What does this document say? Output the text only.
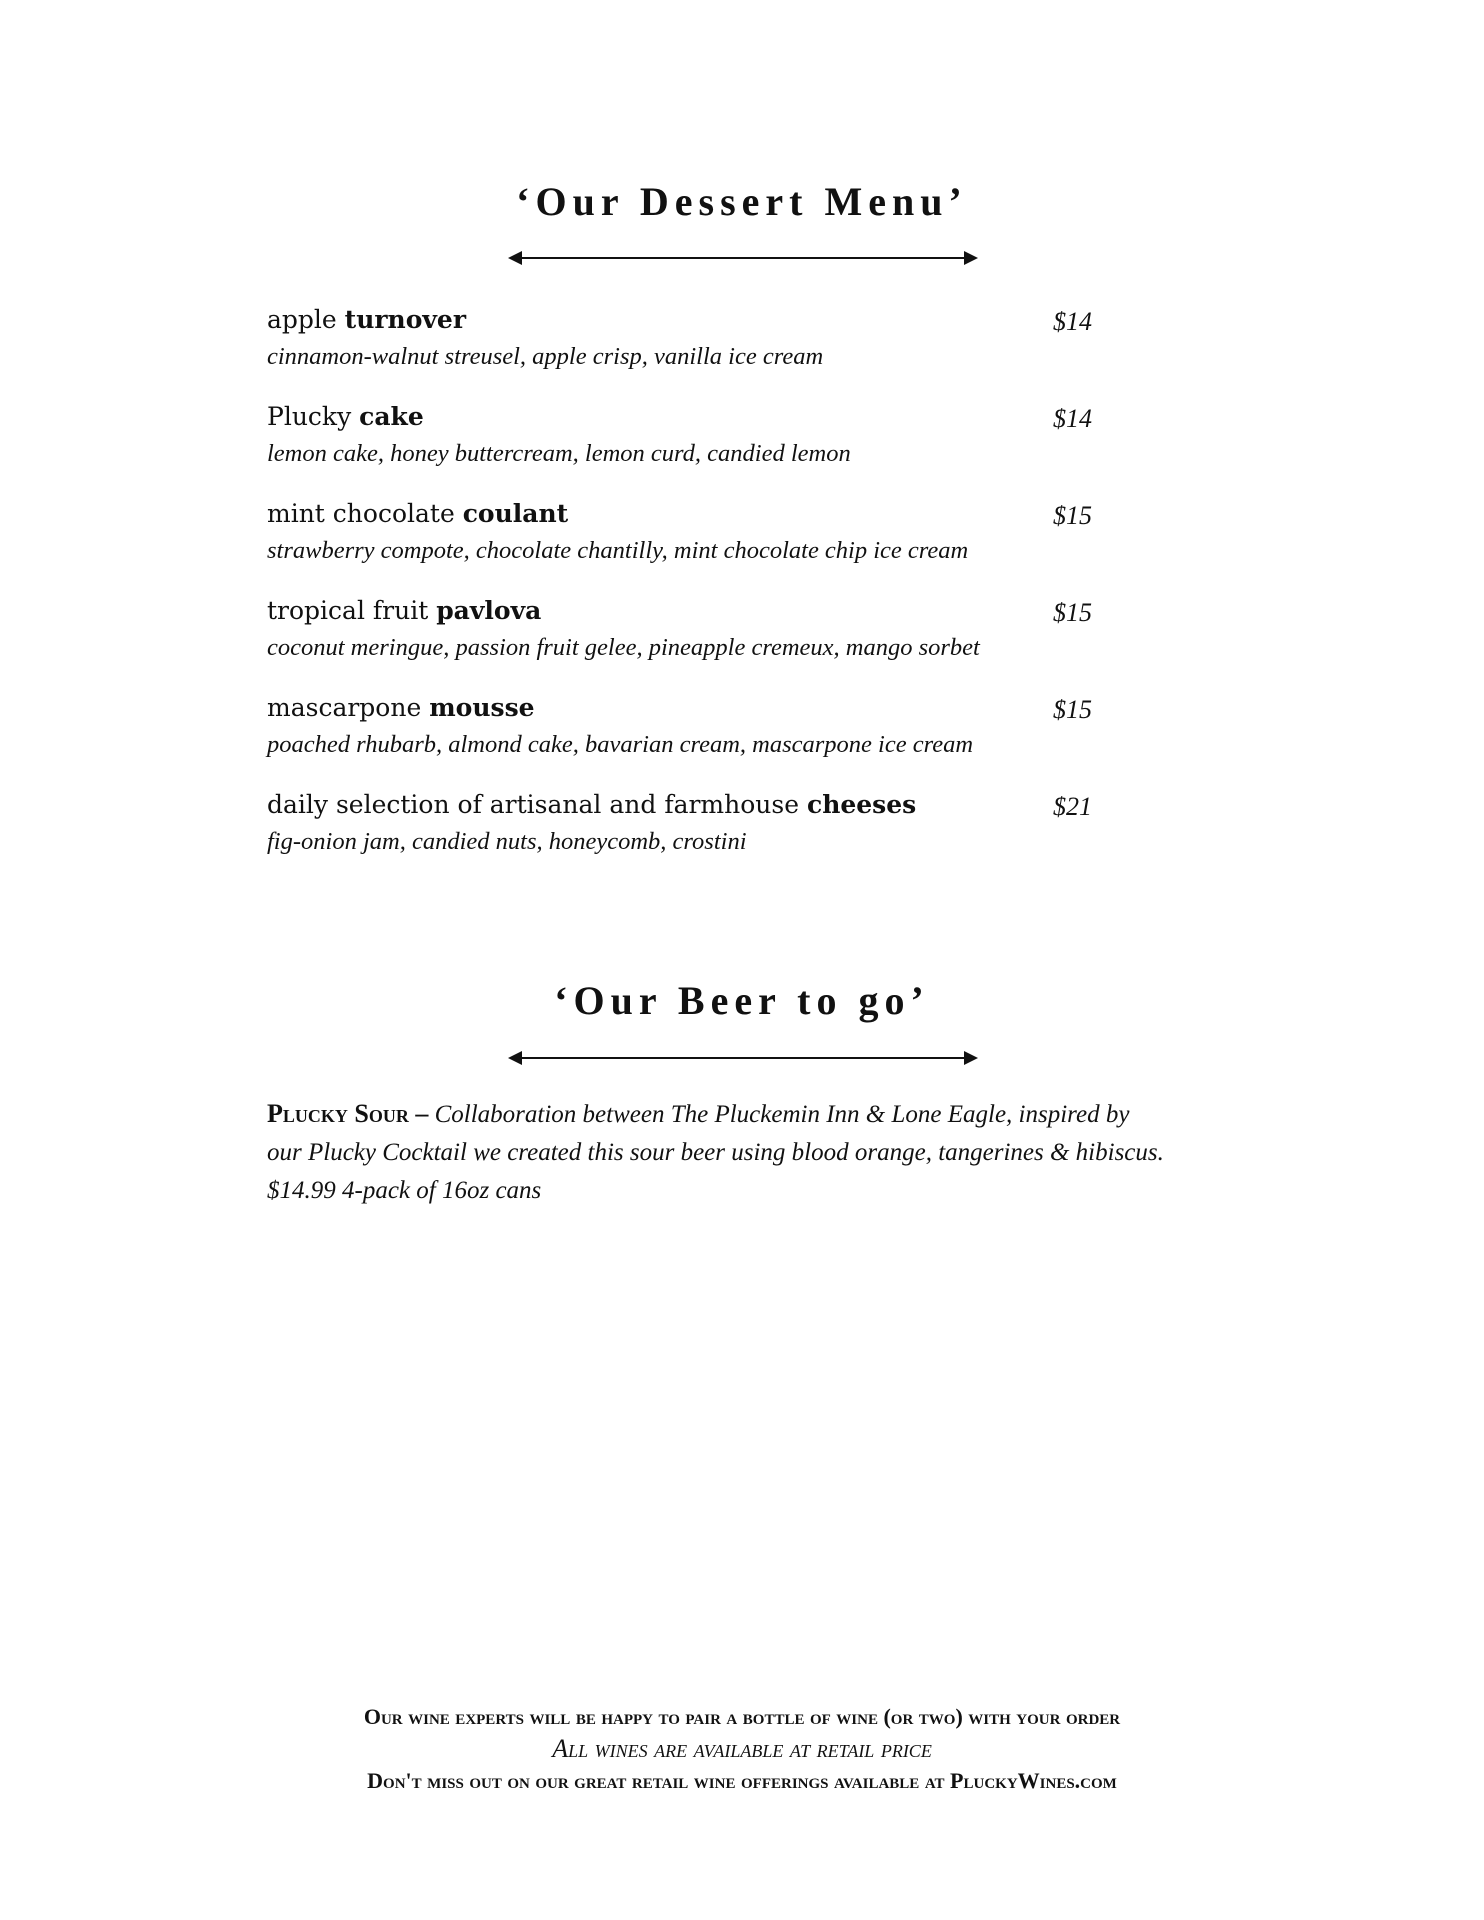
‘Our Dessert Menu’
apple turnover	$14
cinnamon-walnut streusel, apple crisp, vanilla ice cream
Plucky cake	$14
lemon cake, honey buttercream, lemon curd, candied lemon
mint chocolate coulant	$15
strawberry compote, chocolate chantilly, mint chocolate chip ice cream
tropical fruit pavlova	$15
coconut meringue, passion fruit gelee, pineapple cremeux, mango sorbet
mascarpone mousse	$15
poached rhubarb, almond cake, bavarian cream, mascarpone ice cream
daily selection of artisanal and farmhouse cheeses	$21
fig-onion jam, candied nuts, honeycomb, crostini
‘Our Beer to go’
Plucky Sour – Collaboration between The Pluckemin Inn & Lone Eagle, inspired by
our Plucky Cocktail we created this sour beer using blood orange, tangerines & hibiscus.
$14.99 4-pack of 16oz cans
Our wine experts will be happy to pair a bottle of wine (or two) with your order
All wines are available at retail price
Don't miss out on our great retail wine offerings available at PluckyWines.com
